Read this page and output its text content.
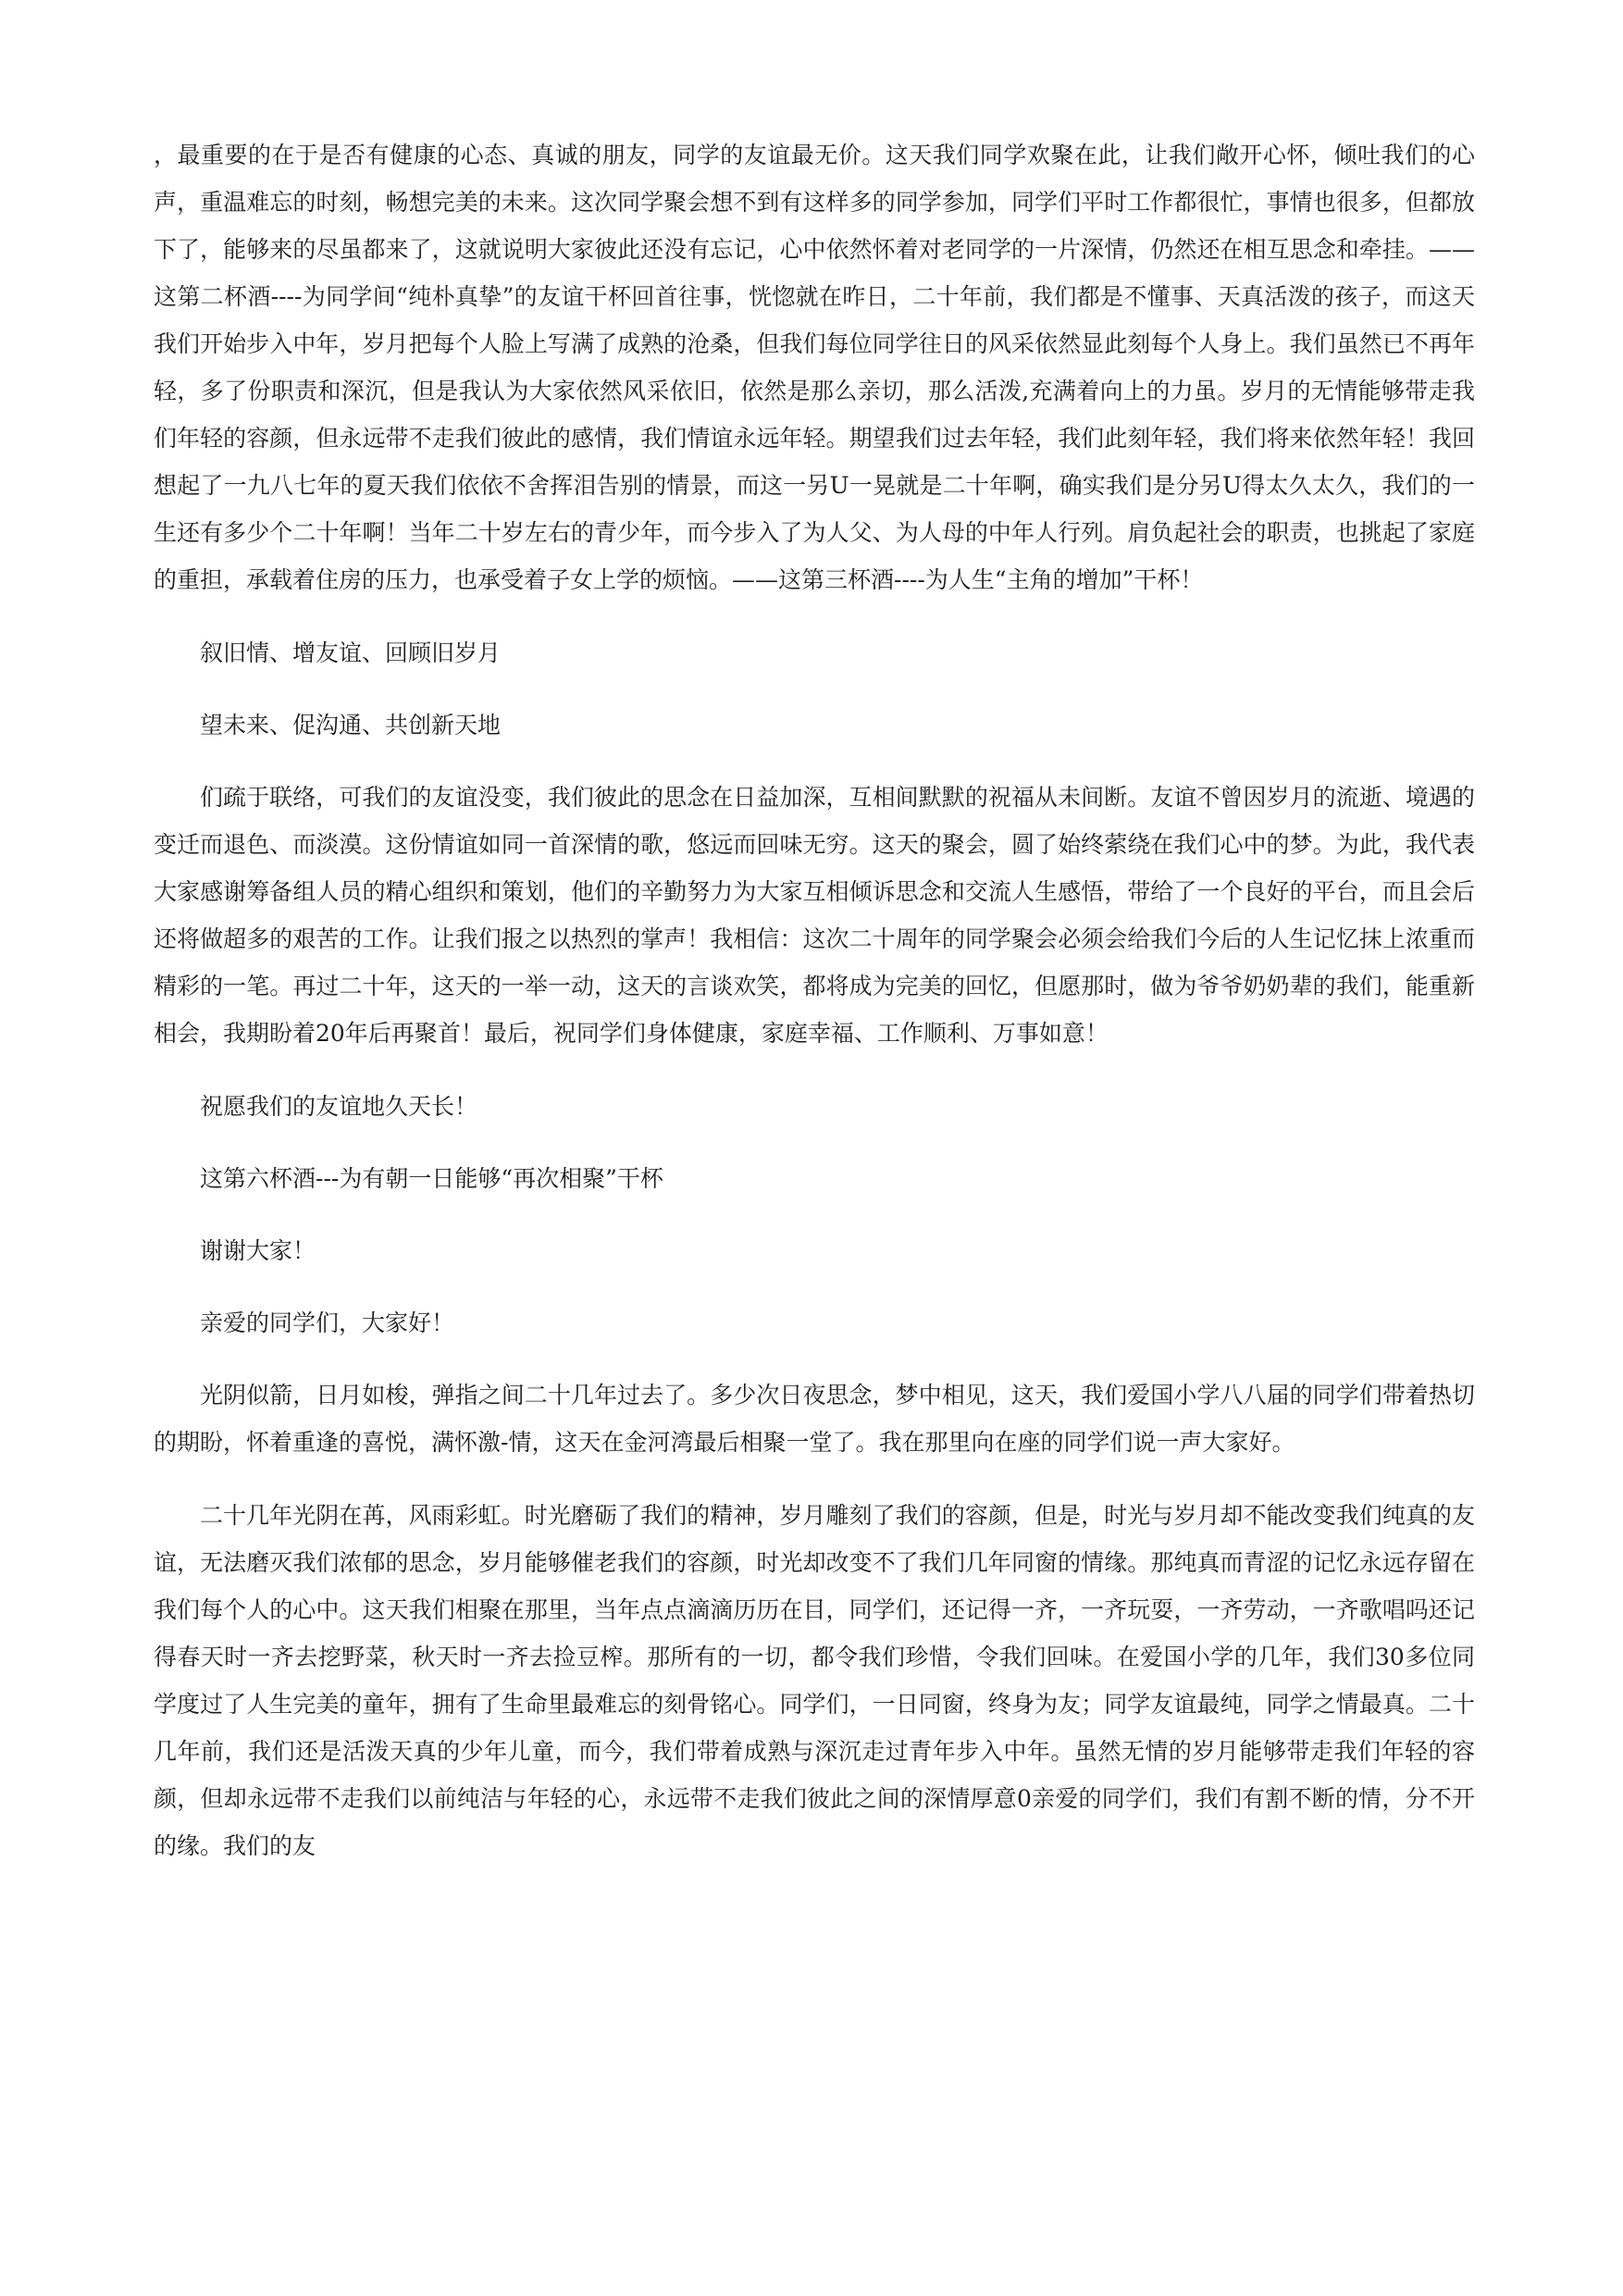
，最重要的在于是否有健康的心态、真诚的朋友，同学的友谊最无价。这天我们同学欢聚在此，让我们敞开心怀，倾吐我们的心声，重温难忘的时刻，畅想完美的未来。这次同学聚会想不到有这样多的同学参加，同学们平时工作都很忙，事情也很多，但都放下了，能够来的尽虽都来了，这就说明大家彼此还没有忘记，心中依然怀着对老同学的一片深情，仍然还在相互思念和牵挂。——这第二杯酒----为同学间“纯朴真挚”的友谊干杯回首往事，恍惚就在昨日，二十年前，我们都是不懂事、天真活泼的孩子，而这天我们开始步入中年，岁月把每个人脸上写满了成熟的沧桑，但我们每位同学往日的风采依然显此刻每个人身上。我们虽然已不再年轻，多了份职责和深沉，但是我认为大家依然风采依旧，依然是那么亲切，那么活泼,充满着向上的力虽。岁月的无情能够带走我们年轻的容颜，但永远带不走我们彼此的感情，我们情谊永远年轻。期望我们过去年轻，我们此刻年轻，我们将来依然年轻！我回想起了一九八七年的夏天我们依依不舍挥泪告别的情景，而这一另U一晃就是二十年啊，确实我们是分另U得太久太久，我们的一生还有多少个二十年啊！当年二十岁左右的青少年，而今步入了为人父、为人母的中年人行列。肩负起社会的职责，也挑起了家庭的重担，承载着住房的压力，也承受着子女上学的烦恼。——这第三杯酒----为人生“主角的增加”干杯！

叙旧情、增友谊、回顾旧岁月

望未来、促沟通、共创新天地

们疏于联络，可我们的友谊没变，我们彼此的思念在日益加深，互相间默默的祝福从未间断。友谊不曾因岁月的流逝、境遇的变迁而退色、而淡漠。这份情谊如同一首深情的歌，悠远而回味无穷。这天的聚会，圆了始终萦绕在我们心中的梦。为此，我代表大家感谢筹备组人员的精心组织和策划，他们的辛勤努力为大家互相倾诉思念和交流人生感悟，带给了一个良好的平台，而且会后还将做超多的艰苦的工作。让我们报之以热烈的掌声！我相信：这次二十周年的同学聚会必须会给我们今后的人生记忆抹上浓重而精彩的一笔。再过二十年，这天的一举一动，这天的言谈欢笑，都将成为完美的回忆，但愿那时，做为爷爷奶奶辈的我们，能重新相会，我期盼着20年后再聚首！最后，祝同学们身体健康，家庭幸福、工作顺利、万事如意！

祝愿我们的友谊地久天长！

这第六杯酒---为有朝一日能够“再次相聚”干杯

谢谢大家！

亲爱的同学们，大家好！

光阴似箭，日月如梭，弹指之间二十几年过去了。多少次日夜思念，梦中相见，这天，我们爱国小学八八届的同学们带着热切的期盼，怀着重逢的喜悦，满怀激-情，这天在金河湾最后相聚一堂了。我在那里向在座的同学们说一声大家好。

二十几年光阴在苒，风雨彩虹。时光磨砺了我们的精神，岁月雕刻了我们的容颜，但是，时光与岁月却不能改变我们纯真的友谊，无法磨灭我们浓郁的思念，岁月能够催老我们的容颜，时光却改变不了我们几年同窗的情缘。那纯真而青涩的记忆永远存留在我们每个人的心中。这天我们相聚在那里，当年点点滴滴历历在目，同学们，还记得一齐，一齐玩耍，一齐劳动，一齐歌唱吗还记得春天时一齐去挖野菜，秋天时一齐去捡豆榨。那所有的一切，都令我们珍惜，令我们回味。在爱国小学的几年，我们30多位同学度过了人生完美的童年，拥有了生命里最难忘的刻骨铭心。同学们，一日同窗，终身为友；同学友谊最纯，同学之情最真。二十几年前，我们还是活泼天真的少年儿童，而今，我们带着成熟与深沉走过青年步入中年。虽然无情的岁月能够带走我们年轻的容颜，但却永远带不走我们以前纯洁与年轻的心，永远带不走我们彼此之间的深情厚意0亲爱的同学们，我们有割不断的情，分不开的缘。我们的友
